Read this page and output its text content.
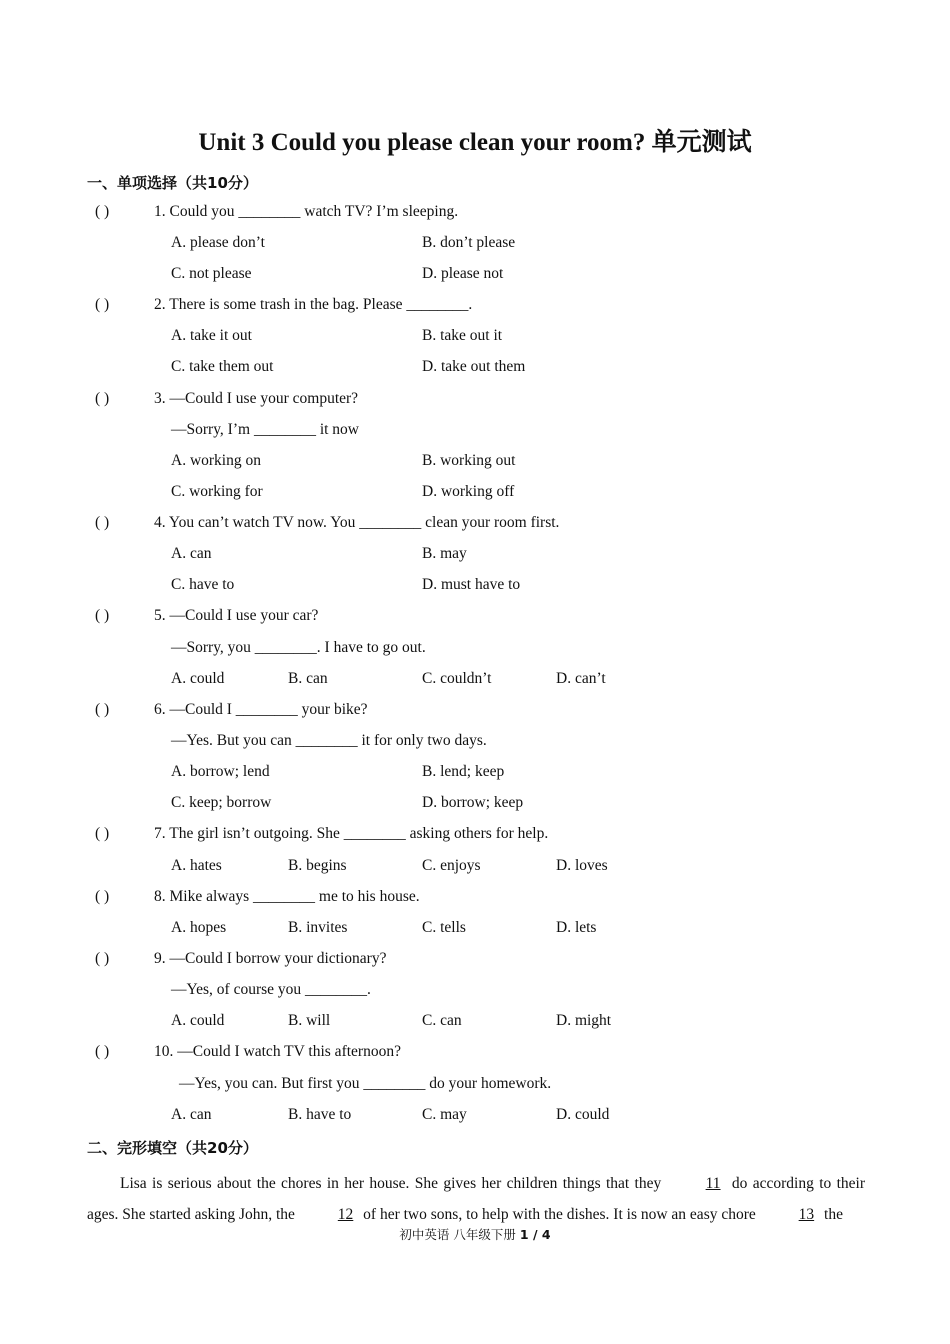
Unit 3 Could you please clean your room? 单元测试
一、单项选择（共10分）
( )	1. Could you ________ watch TV? I’m sleeping.
A. please don’t	B. don’t please
C. not please	D. please not
( )	2. There is some trash in the bag. Please ________.
A. take it out	B. take out it
C. take them out	D. take out them
( )	3. —Could I use your computer?
—Sorry, I’m ________ it now
A. working on	B. working out
C. working for	D. working off
( )	4. You can’t watch TV now. You ________ clean your room first.
A. can	B. may
C. have to	D. must have to
( )	5. —Could I use your car?
—Sorry, you ________. I have to go out.
A. could	B. can	C. couldn’t	D. can’t
( )	6. —Could I ________ your bike?
—Yes. But you can ________ it for only two days.
A. borrow; lend	B. lend; keep
C. keep; borrow	D. borrow; keep
( )	7. The girl isn’t outgoing. She ________ asking others for help.
A. hates	B. begins	C. enjoys	D. loves
( )	8. Mike always ________ me to his house.
A. hopes	B. invites	C. tells	D. lets
( )	9. —Could I borrow your dictionary?
—Yes, of course you ________.
A. could	B. will	C. can	D. might
( )	10. —Could I watch TV this afternoon?
—Yes, you can. But first you ________ do your homework.
A. can	B. have to	C. may	D. could
二、完形填空（共20分）
Lisa is serious about the chores in her house. She gives her children things that they	11 do according to their ages. She started asking John, the	12 of her two sons, to help with the dishes. It is now an easy chore	13 the
初中英语 八年级下册 1 / 4
